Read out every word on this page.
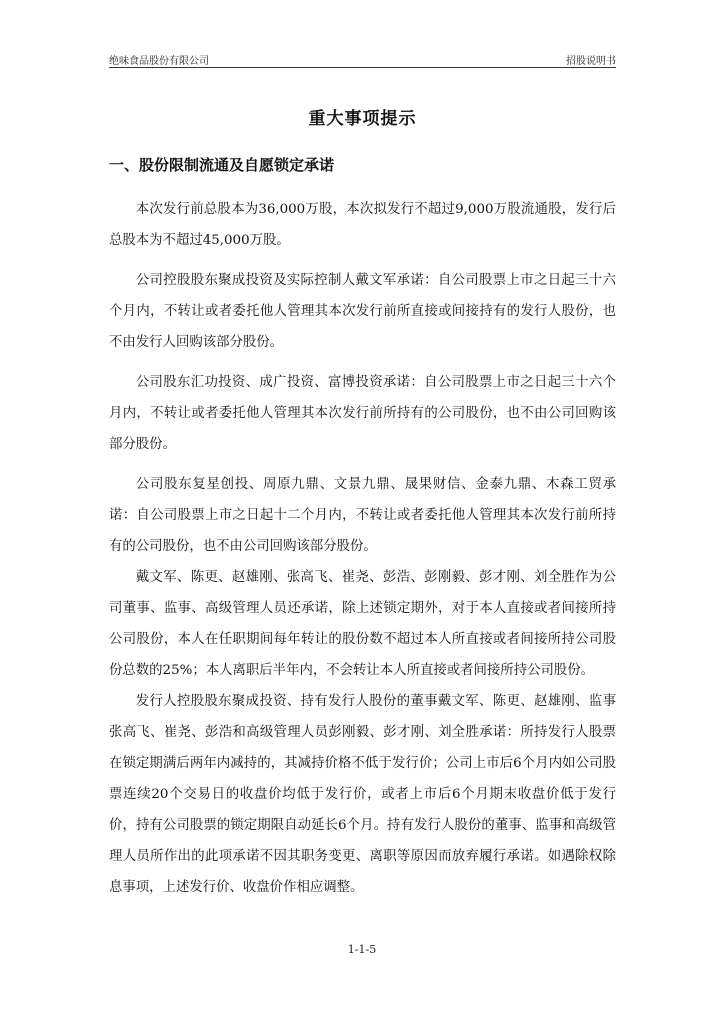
绝味食品股份有限公司	招股说明书
重大事项提示
一、股份限制流通及自愿锁定承诺

本次发行前总股本为36,000万股，本次拟发行不超过9,000万股流通股，发行后总股本为不超过45,000万股。

公司控股股东聚成投资及实际控制人戴文军承诺：自公司股票上市之日起三十六个月内，不转让或者委托他人管理其本次发行前所直接或间接持有的发行人股份，也不由发行人回购该部分股份。

公司股东汇功投资、成广投资、富博投资承诺：自公司股票上市之日起三十六个月内，不转让或者委托他人管理其本次发行前所持有的公司股份，也不由公司回购该部分股份。

公司股东复星创投、周原九鼎、文景九鼎、晟果财信、金泰九鼎、木森工贸承诺：自公司股票上市之日起十二个月内，不转让或者委托他人管理其本次发行前所持有的公司股份，也不由公司回购该部分股份。

戴文军、陈更、赵雄刚、张高飞、崔尧、彭浩、彭刚毅、彭才刚、刘全胜作为公司董事、监事、高级管理人员还承诺，除上述锁定期外，对于本人直接或者间接所持公司股份，本人在任职期间每年转让的股份数不超过本人所直接或者间接所持公司股份总数的25%；本人离职后半年内，不会转让本人所直接或者间接所持公司股份。

发行人控股股东聚成投资、持有发行人股份的董事戴文军、陈更、赵雄刚、监事张高飞、崔尧、彭浩和高级管理人员彭刚毅、彭才刚、刘全胜承诺：所持发行人股票在锁定期满后两年内减持的，其减持价格不低于发行价；公司上市后6个月内如公司股票连续20个交易日的收盘价均低于发行价，或者上市后6个月期末收盘价低于发行价，持有公司股票的锁定期限自动延长6个月。持有发行人股份的董事、监事和高级管理人员所作出的此项承诺不因其职务变更、离职等原因而放弃履行承诺。如遇除权除息事项，上述发行价、收盘价作相应调整。

1-1-5
